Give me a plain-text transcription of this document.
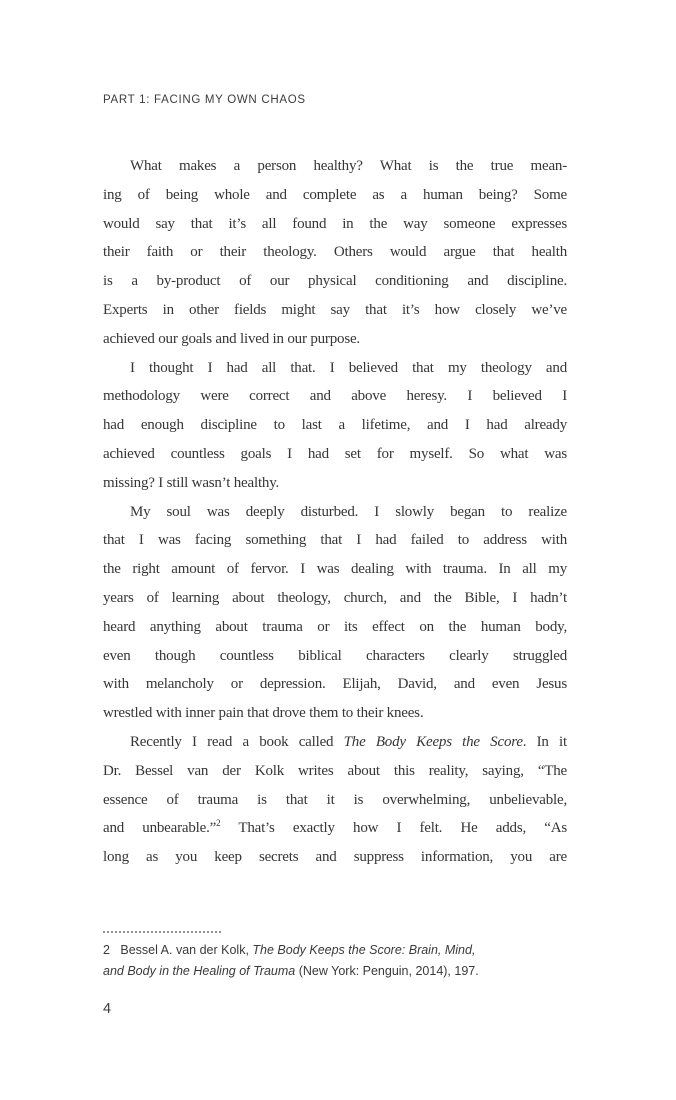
PART 1: FACING MY OWN CHAOS
What makes a person healthy? What is the true mean-
ing of being whole and complete as a human being? Some
would say that it’s all found in the way someone expresses
their faith or their theology. Others would argue that health
is a by-product of our physical conditioning and discipline.
Experts in other fields might say that it’s how closely we’ve
achieved our goals and lived in our purpose.
I thought I had all that. I believed that my theology and
methodology were correct and above heresy. I believed I
had enough discipline to last a lifetime, and I had already
achieved countless goals I had set for myself. So what was
missing? I still wasn’t healthy.
My soul was deeply disturbed. I slowly began to realize
that I was facing something that I had failed to address with
the right amount of fervor. I was dealing with trauma. In all my
years of learning about theology, church, and the Bible, I hadn’t
heard anything about trauma or its effect on the human body,
even though countless biblical characters clearly struggled
with melancholy or depression. Elijah, David, and even Jesus
wrestled with inner pain that drove them to their knees.
Recently I read a book called The Body Keeps the Score. In it
Dr. Bessel van der Kolk writes about this reality, saying, “The
essence of trauma is that it is overwhelming, unbelievable,
and unbearable.”$^2$ That’s exactly how I felt. He adds, “As
long as you keep secrets and suppress information, you are
2   Bessel A. van der Kolk, The Body Keeps the Score: Brain, Mind,
and Body in the Healing of Trauma (New York: Penguin, 2014), 197.
4
